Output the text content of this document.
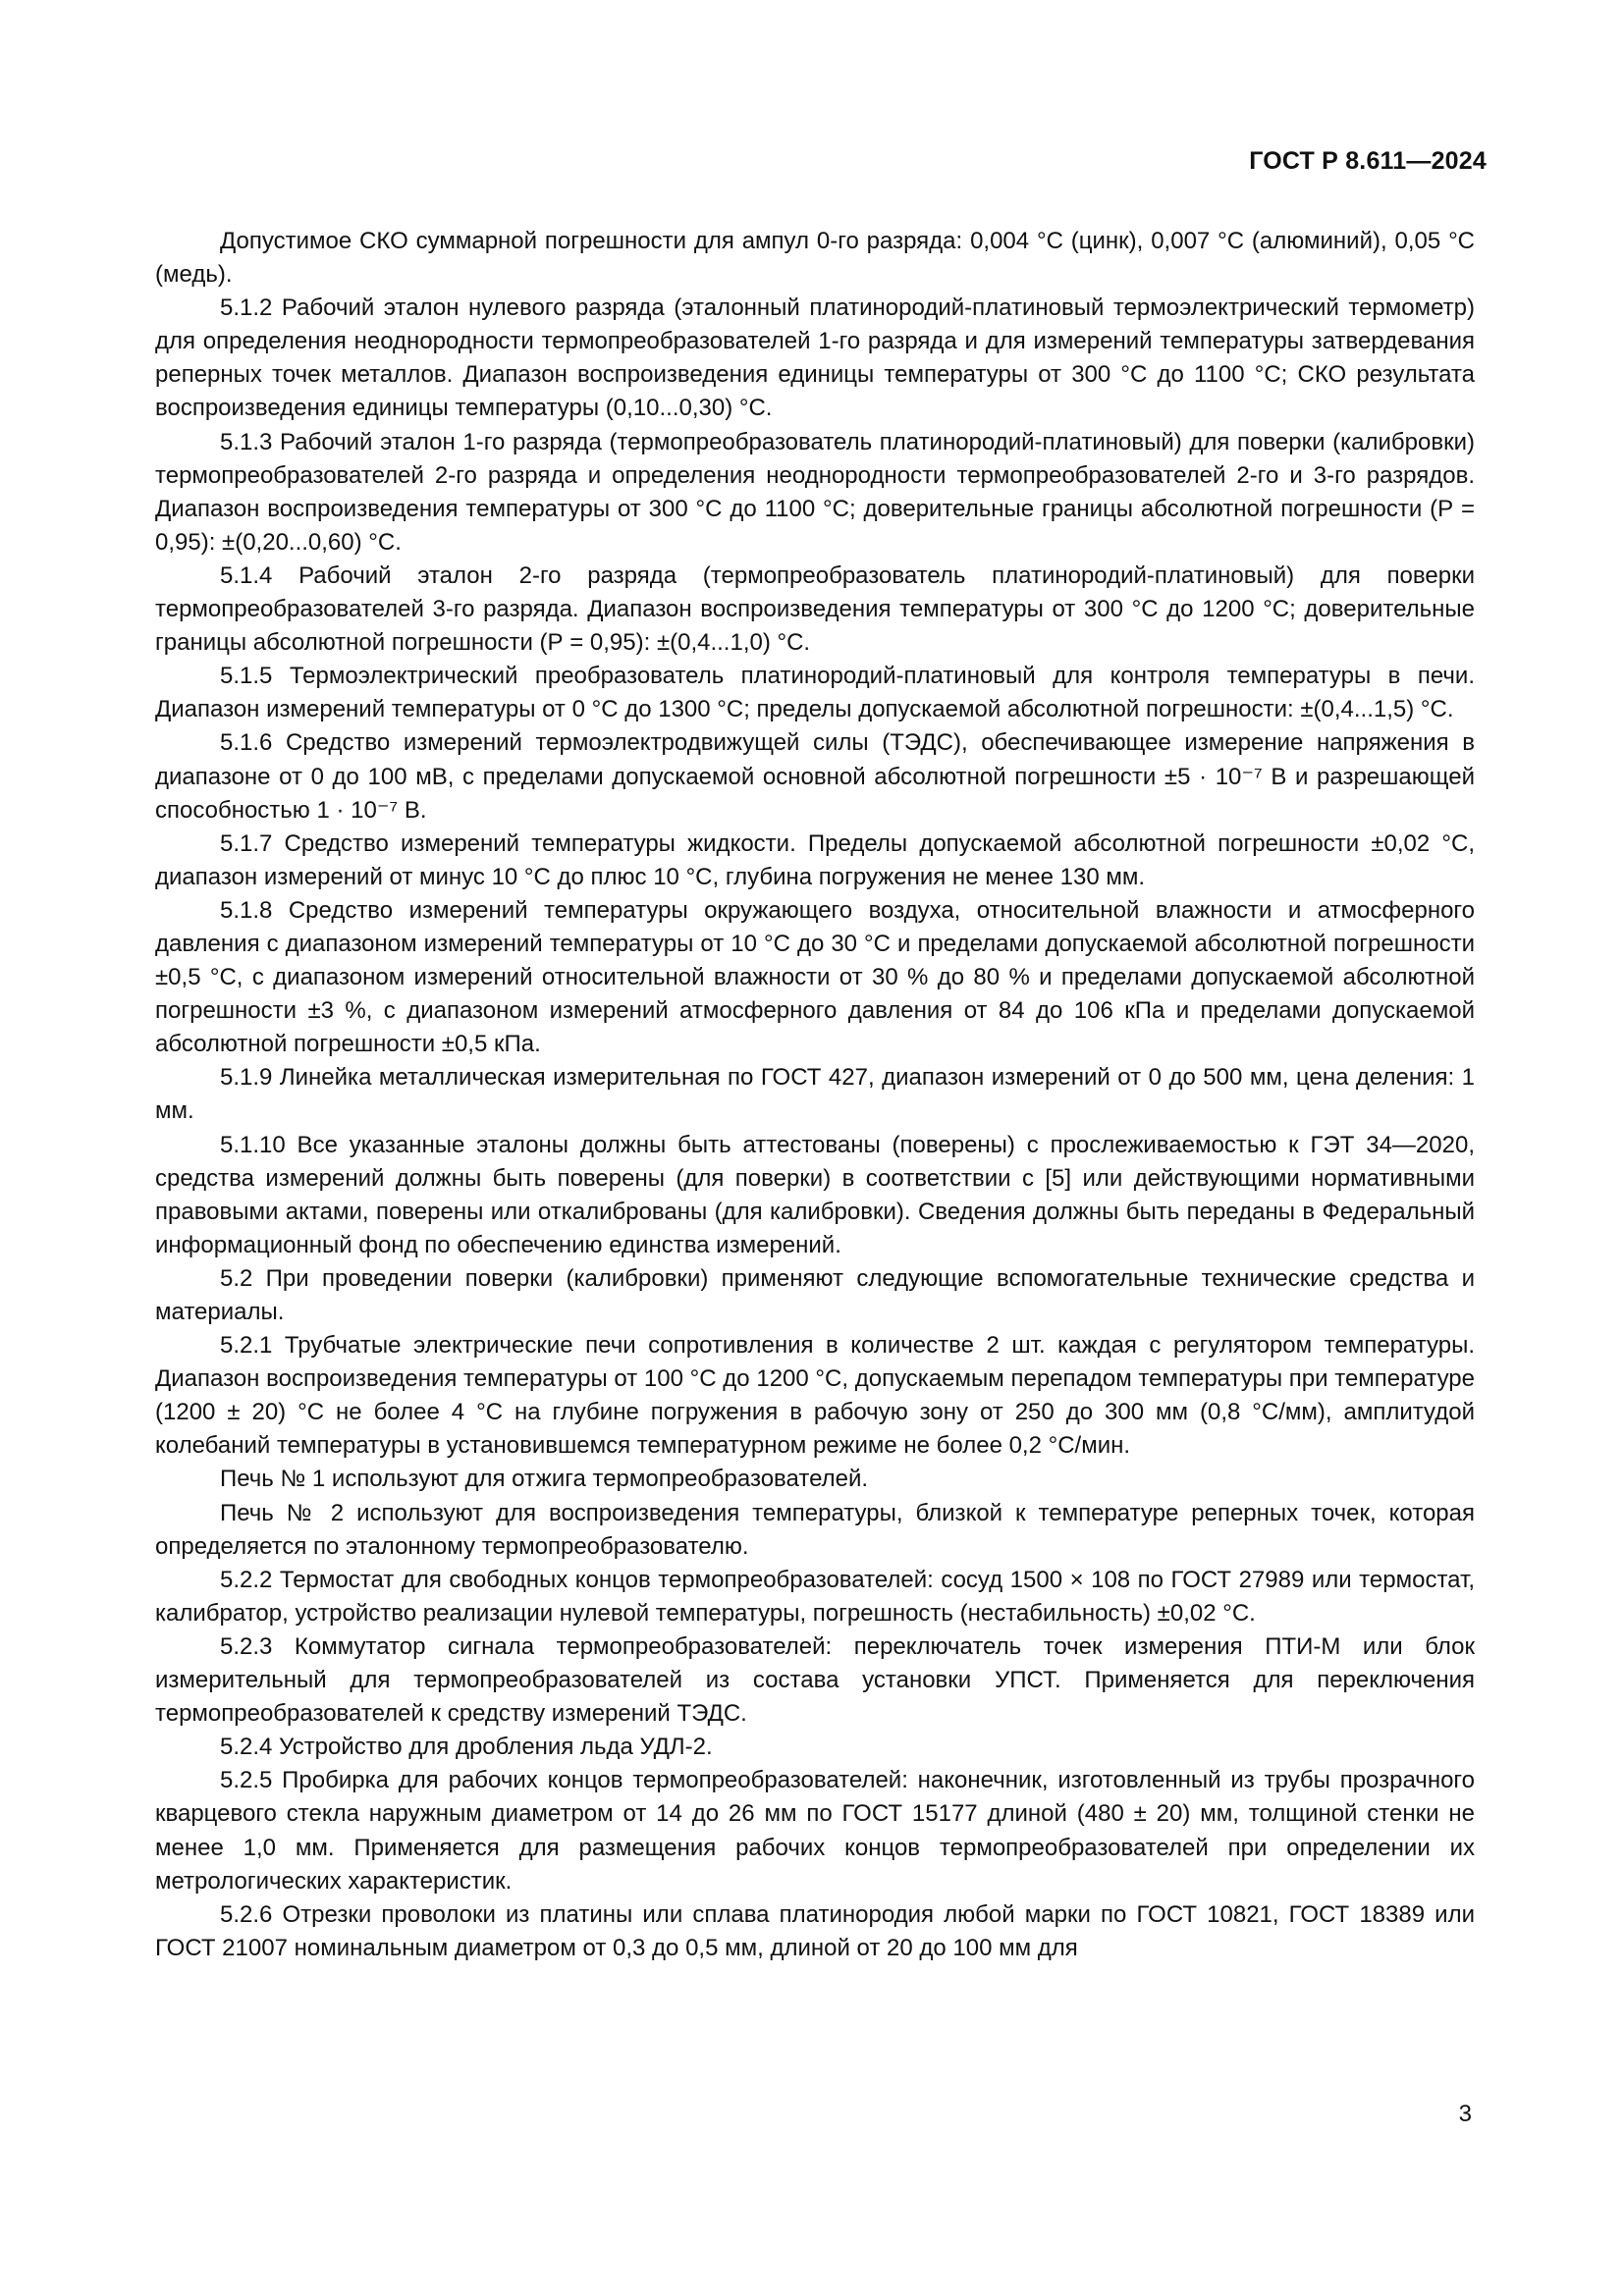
ГОСТ Р 8.611—2024

Допустимое СКО суммарной погрешности для ампул 0-го разряда: 0,004 °С (цинк), 0,007 °С (алюминий), 0,05 °С (медь).

5.1.2 Рабочий эталон нулевого разряда (эталонный платинородий-платиновый термоэлектрический термометр) для определения неоднородности термопреобразователей 1-го разряда и для измерений температуры затвердевания реперных точек металлов. Диапазон воспроизведения единицы температуры от 300 °С до 1100 °С; СКО результата воспроизведения единицы температуры (0,10...0,30) °С.

5.1.3 Рабочий эталон 1-го разряда (термопреобразователь платинородий-платиновый) для поверки (калибровки) термопреобразователей 2-го разряда и определения неоднородности термопреобразователей 2-го и 3-го разрядов. Диапазон воспроизведения температуры от 300 °С до 1100 °С; доверительные границы абсолютной погрешности (Р = 0,95): ±(0,20...0,60) °С.

5.1.4 Рабочий эталон 2-го разряда (термопреобразователь платинородий-платиновый) для поверки термопреобразователей 3-го разряда. Диапазон воспроизведения температуры от 300 °С до 1200 °С; доверительные границы абсолютной погрешности (Р = 0,95): ±(0,4...1,0) °С.

5.1.5 Термоэлектрический преобразователь платинородий-платиновый для контроля температуры в печи. Диапазон измерений температуры от 0 °С до 1300 °С; пределы допускаемой абсолютной погрешности: ±(0,4...1,5) °С.

5.1.6 Средство измерений термоэлектродвижущей силы (ТЭДС), обеспечивающее измерение напряжения в диапазоне от 0 до 100 мВ, с пределами допускаемой основной абсолютной погрешности ±5 · 10⁻⁷ В и разрешающей способностью 1 · 10⁻⁷ В.

5.1.7 Средство измерений температуры жидкости. Пределы допускаемой абсолютной погрешности ±0,02 °С, диапазон измерений от минус 10 °С до плюс 10 °С, глубина погружения не менее 130 мм.

5.1.8 Средство измерений температуры окружающего воздуха, относительной влажности и атмосферного давления с диапазоном измерений температуры от 10 °С до 30 °С и пределами допускаемой абсолютной погрешности ±0,5 °С, с диапазоном измерений относительной влажности от 30 % до 80 % и пределами допускаемой абсолютной погрешности ±3 %, с диапазоном измерений атмосферного давления от 84 до 106 кПа и пределами допускаемой абсолютной погрешности ±0,5 кПа.

5.1.9 Линейка металлическая измерительная по ГОСТ 427, диапазон измерений от 0 до 500 мм, цена деления: 1 мм.

5.1.10 Все указанные эталоны должны быть аттестованы (поверены) с прослеживаемостью к ГЭТ 34—2020, средства измерений должны быть поверены (для поверки) в соответствии с [5] или действующими нормативными правовыми актами, поверены или откалиброваны (для калибровки). Сведения должны быть переданы в Федеральный информационный фонд по обеспечению единства измерений.

5.2 При проведении поверки (калибровки) применяют следующие вспомогательные технические средства и материалы.

5.2.1 Трубчатые электрические печи сопротивления в количестве 2 шт. каждая с регулятором температуры. Диапазон воспроизведения температуры от 100 °С до 1200 °С, допускаемым перепадом температуры при температуре (1200 ± 20) °С не более 4 °С на глубине погружения в рабочую зону от 250 до 300 мм (0,8 °С/мм), амплитудой колебаний температуры в установившемся температурном режиме не более 0,2 °С/мин.

Печь № 1 используют для отжига термопреобразователей.

Печь № 2 используют для воспроизведения температуры, близкой к температуре реперных точек, которая определяется по эталонному термопреобразователю.

5.2.2 Термостат для свободных концов термопреобразователей: сосуд 1500 × 108 по ГОСТ 27989 или термостат, калибратор, устройство реализации нулевой температуры, погрешность (нестабильность) ±0,02 °С.

5.2.3 Коммутатор сигнала термопреобразователей: переключатель точек измерения ПТИ-М или блок измерительный для термопреобразователей из состава установки УПСТ. Применяется для переключения термопреобразователей к средству измерений ТЭДС.

5.2.4 Устройство для дробления льда УДЛ-2.

5.2.5 Пробирка для рабочих концов термопреобразователей: наконечник, изготовленный из трубы прозрачного кварцевого стекла наружным диаметром от 14 до 26 мм по ГОСТ 15177 длиной (480 ± 20) мм, толщиной стенки не менее 1,0 мм. Применяется для размещения рабочих концов термопреобразователей при определении их метрологических характеристик.

5.2.6 Отрезки проволоки из платины или сплава платинородия любой марки по ГОСТ 10821, ГОСТ 18389 или ГОСТ 21007 номинальным диаметром от 0,3 до 0,5 мм, длиной от 20 до 100 мм для

3
